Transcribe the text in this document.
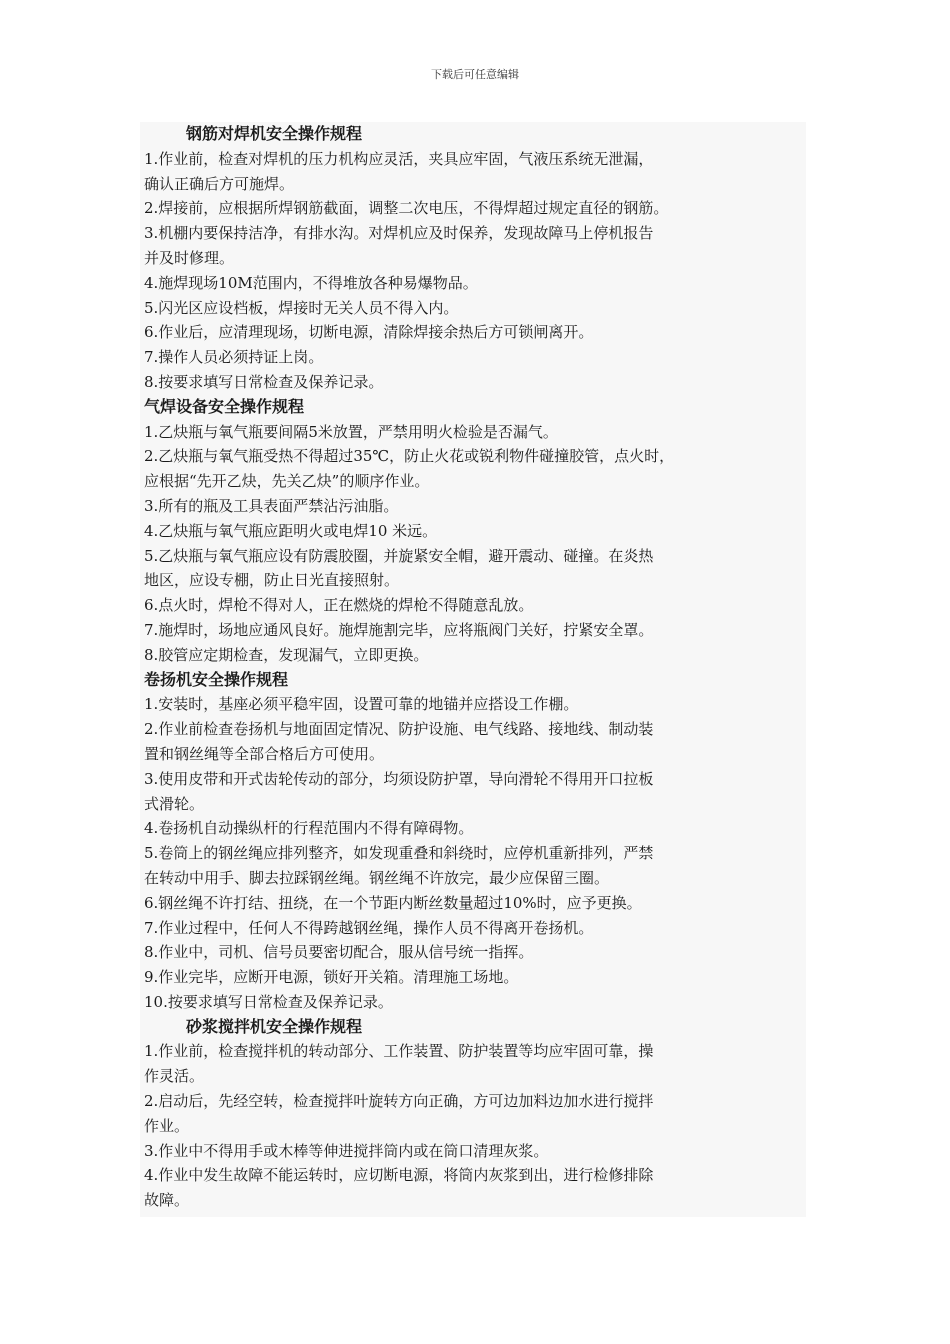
下载后可任意编辑
钢筋对焊机安全操作规程
1.作业前，检查对焊机的压力机构应灵活，夹具应牢固，气液压系统无泄漏，
确认正确后方可施焊。
2.焊接前，应根据所焊钢筋截面，调整二次电压，不得焊超过规定直径的钢筋。
3.机棚内要保持洁净，有排水沟。对焊机应及时保养，发现故障马上停机报告
并及时修理。
4.施焊现场10M范围内，不得堆放各种易爆物品。
5.闪光区应设档板，焊接时无关人员不得入内。
6.作业后，应清理现场，切断电源，清除焊接余热后方可锁闸离开。
7.操作人员必须持证上岗。
8.按要求填写日常检查及保养记录。
气焊设备安全操作规程
1.乙炔瓶与氧气瓶要间隔5米放置，严禁用明火检验是否漏气。
2.乙炔瓶与氧气瓶受热不得超过35℃，防止火花或锐利物件碰撞胶管，点火时，
应根据“先开乙炔，先关乙炔”的顺序作业。
3.所有的瓶及工具表面严禁沾污油脂。
4.乙炔瓶与氧气瓶应距明火或电焊10 米远。
5.乙炔瓶与氧气瓶应设有防震胶圈，并旋紧安全帽，避开震动、碰撞。在炎热
地区，应设专棚，防止日光直接照射。
6.点火时，焊枪不得对人，正在燃烧的焊枪不得随意乱放。
7.施焊时，场地应通风良好。施焊施割完毕，应将瓶阀门关好，拧紧安全罩。
8.胶管应定期检查，发现漏气，立即更换。
卷扬机安全操作规程
1.安装时，基座必须平稳牢固，设置可靠的地锚并应搭设工作棚。
2.作业前检查卷扬机与地面固定情况、防护设施、电气线路、接地线、制动装
置和钢丝绳等全部合格后方可使用。
3.使用皮带和开式齿轮传动的部分，均须设防护罩，导向滑轮不得用开口拉板
式滑轮。
4.卷扬机自动操纵杆的行程范围内不得有障碍物。
5.卷筒上的钢丝绳应排列整齐，如发现重叠和斜绕时，应停机重新排列，严禁
在转动中用手、脚去拉踩钢丝绳。钢丝绳不许放完，最少应保留三圈。
6.钢丝绳不许打结、扭绕，在一个节距内断丝数量超过10%时，应予更换。
7.作业过程中，任何人不得跨越钢丝绳，操作人员不得离开卷扬机。
8.作业中，司机、信号员要密切配合，服从信号统一指挥。
9.作业完毕，应断开电源，锁好开关箱。清理施工场地。
10.按要求填写日常检查及保养记录。
砂浆搅拌机安全操作规程
1.作业前，检查搅拌机的转动部分、工作装置、防护装置等均应牢固可靠，操
作灵活。
2.启动后，先经空转，检查搅拌叶旋转方向正确，方可边加料边加水进行搅拌
作业。
3.作业中不得用手或木棒等伸进搅拌筒内或在筒口清理灰浆。
4.作业中发生故障不能运转时，应切断电源，将筒内灰浆到出，进行检修排除
故障。
